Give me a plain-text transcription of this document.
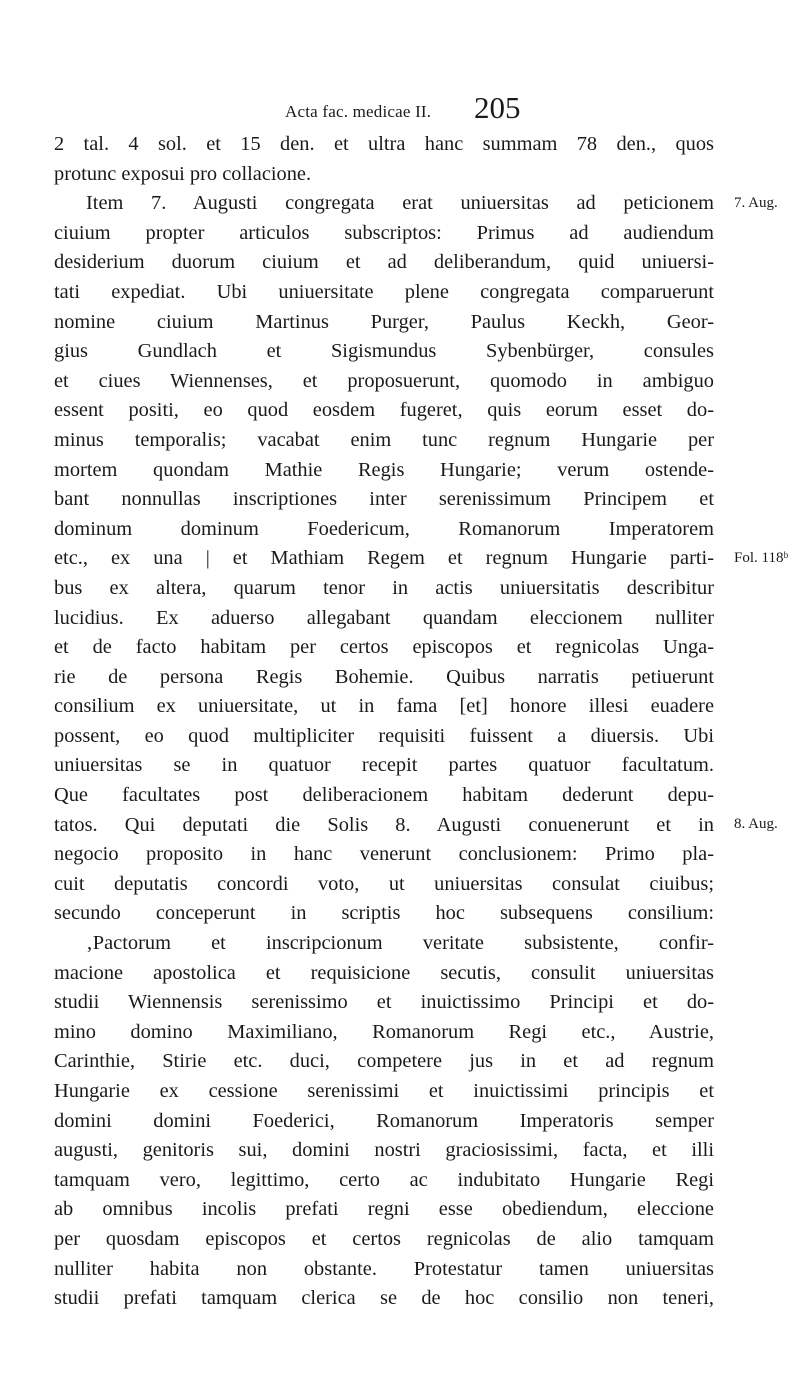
Acta fac. medicae II. 205
2 tal. 4 sol. et 15 den. et ultra hanc summam 78 den., quos
protunc exposui pro collacione.
Item 7. Augusti congregata erat uniuersitas ad peticionem
ciuium propter articulos subscriptos: Primus ad audiendum
desiderium duorum ciuium et ad deliberandum, quid uniuersi-
tati expediat. Ubi uniuersitate plene congregata comparuerunt
nomine ciuium Martinus Purger, Paulus Keckh, Geor-
gius Gundlach et Sigismundus Sybenbürger, consules
et ciues Wiennenses, et proposuerunt, quomodo in ambiguo
essent positi, eo quod eosdem fugeret, quis eorum esset do-
minus temporalis; vacabat enim tunc regnum Hungarie per
mortem quondam Mathie Regis Hungarie; verum ostende-
bant nonnullas inscriptiones inter serenissimum Principem et
dominum dominum Foedericum, Romanorum Imperatorem
etc., ex una | et Mathiam Regem et regnum Hungarie parti-
bus ex altera, quarum tenor in actis uniuersitatis describitur
lucidius. Ex aduerso allegabant quandam eleccionem nulliter
et de facto habitam per certos episcopos et regnicolas Unga-
rie de persona Regis Bohemie. Quibus narratis petiuerunt
consilium ex uniuersitate, ut in fama [et] honore illesi euadere
possent, eo quod multipliciter requisiti fuissent a diuersis. Ubi
uniuersitas se in quatuor recepit partes quatuor facultatum.
Que facultates post deliberacionem habitam dederunt depu-
tatos. Qui deputati die Solis 8. Augusti conuenerunt et in
negocio proposito in hanc venerunt conclusionem: Primo pla-
cuit deputatis concordi voto, ut uniuersitas consulat ciuibus;
secundo conceperunt in scriptis hoc subsequens consilium:
‚Pactorum et inscripcionum veritate subsistente, confir-
macione apostolica et requisicione secutis, consulit uniuersitas
studii Wiennensis serenissimo et inuictissimo Principi et do-
mino domino Maximiliano, Romanorum Regi etc., Austrie,
Carinthie, Stirie etc. duci, competere jus in et ad regnum
Hungarie ex cessione serenissimi et inuictissimi principis et
domini domini Foederici, Romanorum Imperatoris semper
augusti, genitoris sui, domini nostri graciosissimi, facta, et illi
tamquam vero, legittimo, certo ac indubitato Hungarie Regi
ab omnibus incolis prefati regni esse obediendum, eleccione
per quosdam episcopos et certos regnicolas de alio tamquam
nulliter habita non obstante. Protestatur tamen uniuersitas
studii prefati tamquam clerica se de hoc consilio non teneri,
7. Aug.
Fol. 118ᵇ
8. Aug.
